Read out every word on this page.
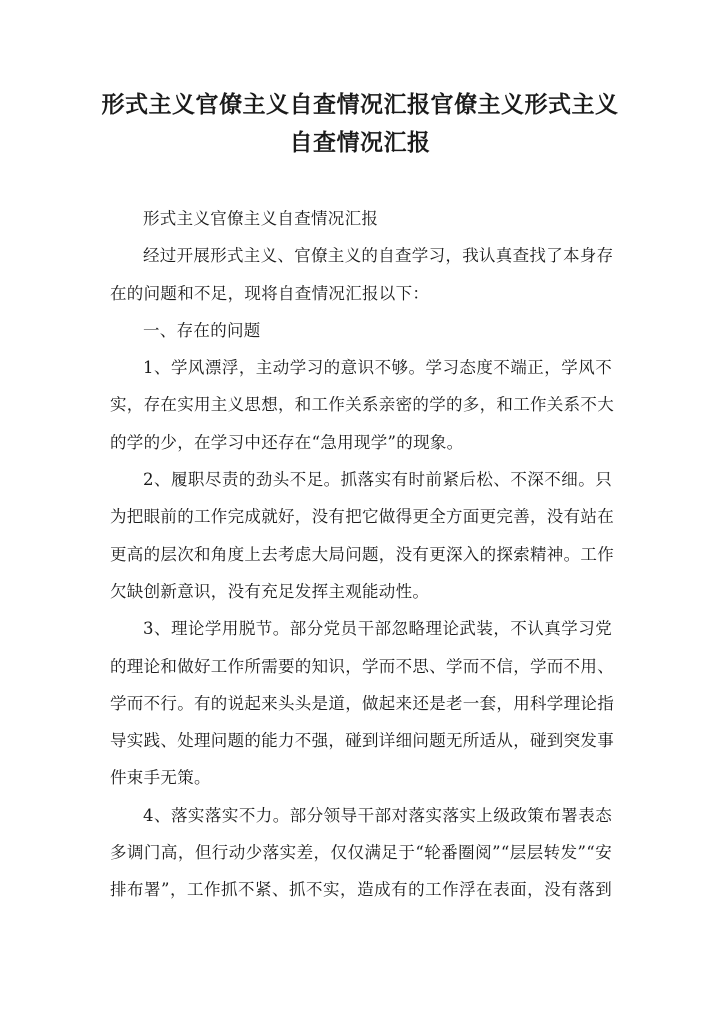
形式主义官僚主义自查情况汇报官僚主义形式主义
自查情况汇报
形式主义官僚主义自查情况汇报
经过开展形式主义、官僚主义的自查学习，我认真查找了本身存
在的问题和不足，现将自查情况汇报以下：
一、存在的问题
1、学风漂浮，主动学习的意识不够。学习态度不端正，学风不
实，存在实用主义思想，和工作关系亲密的学的多，和工作关系不大
的学的少，在学习中还存在“急用现学”的现象。
2、履职尽责的劲头不足。抓落实有时前紧后松、不深不细。只
为把眼前的工作完成就好，没有把它做得更全方面更完善，没有站在
更高的层次和角度上去考虑大局问题，没有更深入的探索精神。工作
欠缺创新意识，没有充足发挥主观能动性。
3、理论学用脱节。部分党员干部忽略理论武装，不认真学习党
的理论和做好工作所需要的知识，学而不思、学而不信，学而不用、
学而不行。有的说起来头头是道，做起来还是老一套，用科学理论指
导实践、处理问题的能力不强，碰到详细问题无所适从，碰到突发事
件束手无策。
4、落实落实不力。部分领导干部对落实落实上级政策布署表态
多调门高，但行动少落实差，仅仅满足于“轮番圈阅”“层层转发”“安
排布署”，工作抓不紧、抓不实，造成有的工作浮在表面，没有落到
